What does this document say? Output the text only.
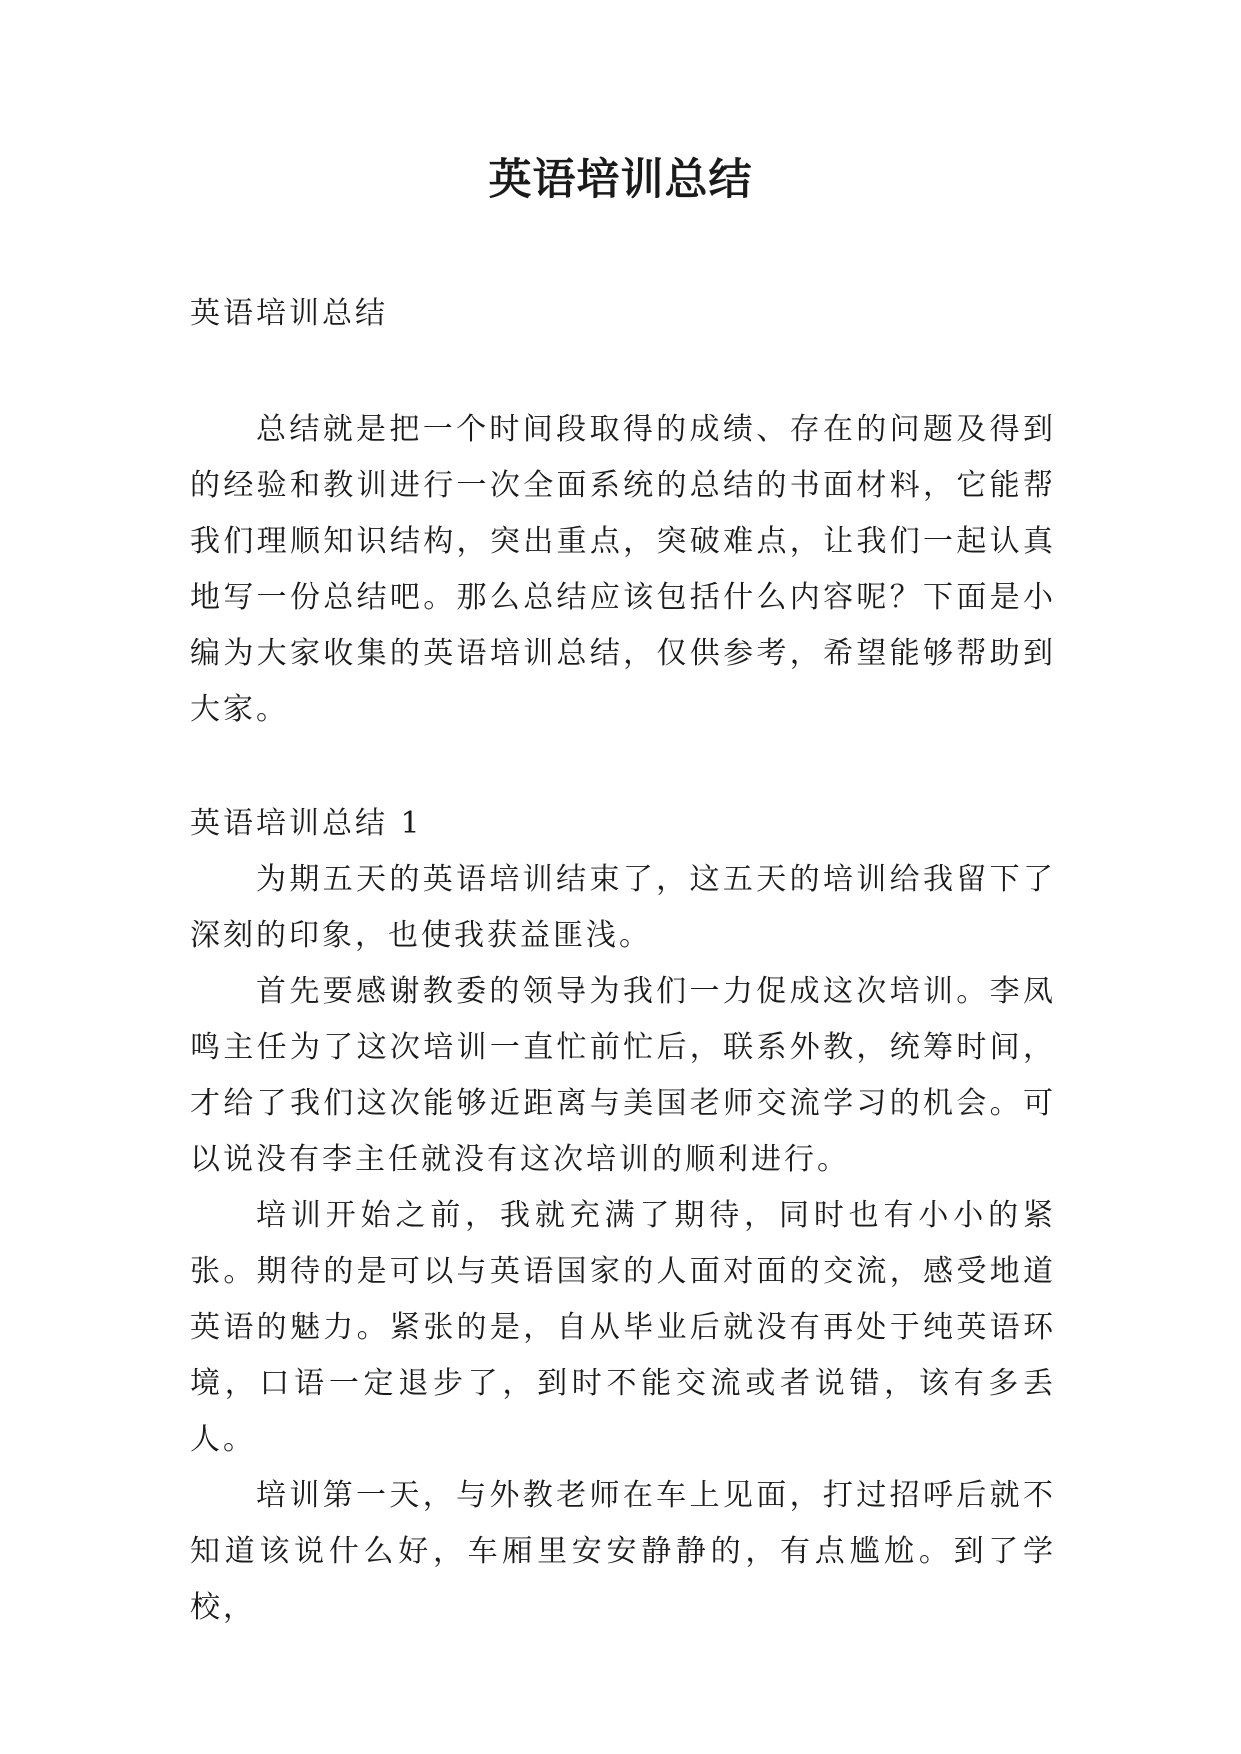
英语培训总结

英语培训总结

总结就是把一个时间段取得的成绩、存在的问题及得到的经验和教训进行一次全面系统的总结的书面材料，它能帮我们理顺知识结构，突出重点，突破难点，让我们一起认真地写一份总结吧。那么总结应该包括什么内容呢？下面是小编为大家收集的英语培训总结，仅供参考，希望能够帮助到大家。

英语培训总结 1

为期五天的英语培训结束了，这五天的培训给我留下了深刻的印象，也使我获益匪浅。

首先要感谢教委的领导为我们一力促成这次培训。李凤鸣主任为了这次培训一直忙前忙后，联系外教，统筹时间，才给了我们这次能够近距离与美国老师交流学习的机会。可以说没有李主任就没有这次培训的顺利进行。

培训开始之前，我就充满了期待，同时也有小小的紧张。期待的是可以与英语国家的人面对面的交流，感受地道英语的魅力。紧张的是，自从毕业后就没有再处于纯英语环境，口语一定退步了，到时不能交流或者说错，该有多丢人。

培训第一天，与外教老师在车上见面，打过招呼后就不知道该说什么好，车厢里安安静静的，有点尴尬。到了学校，
